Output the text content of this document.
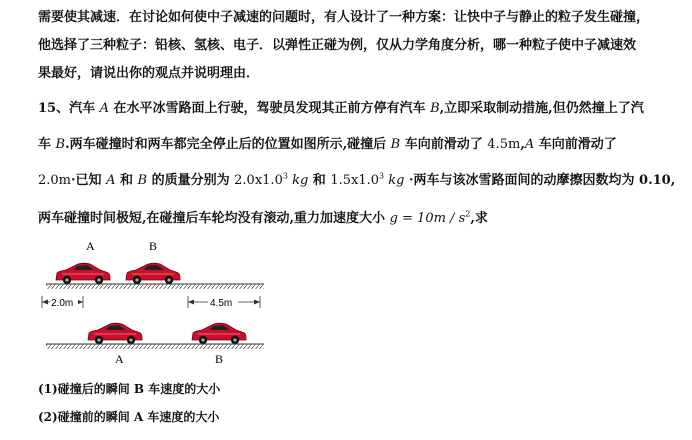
需要使其减速．在讨论如何使中子减速的问题时，有人设计了一种方案：让快中子与静止的粒子发生碰撞，
他选择了三种粒子：铅核、氢核、电子．以弹性正碰为例，仅从力学角度分析，哪一种粒子使中子减速效
果最好，请说出你的观点并说明理由．
15、汽车 A 在水平冰雪路面上行驶，驾驶员发现其正前方停有汽车 B,立即采取制动措施,但仍然撞上了汽
车 B.两车碰撞时和两车都完全停止后的位置如图所示,碰撞后 B 车向前滑动了 4.5m,A 车向前滑动了
2.0m·已知 A 和 B 的质量分别为 $2.0x1.0^3$ kg 和 $1.5x1.0^3$ kg ·两车与该冰雪路面间的动摩擦因数均为 0.10,
两车碰撞时间极短,在碰撞后车轮均没有滚动,重力加速度大小 $g = 10m / s^2$,求
A	B
2.0m	4.5m
A	B
(1)碰撞后的瞬间 B 车速度的大小
(2)碰撞前的瞬间 A 车速度的大小
